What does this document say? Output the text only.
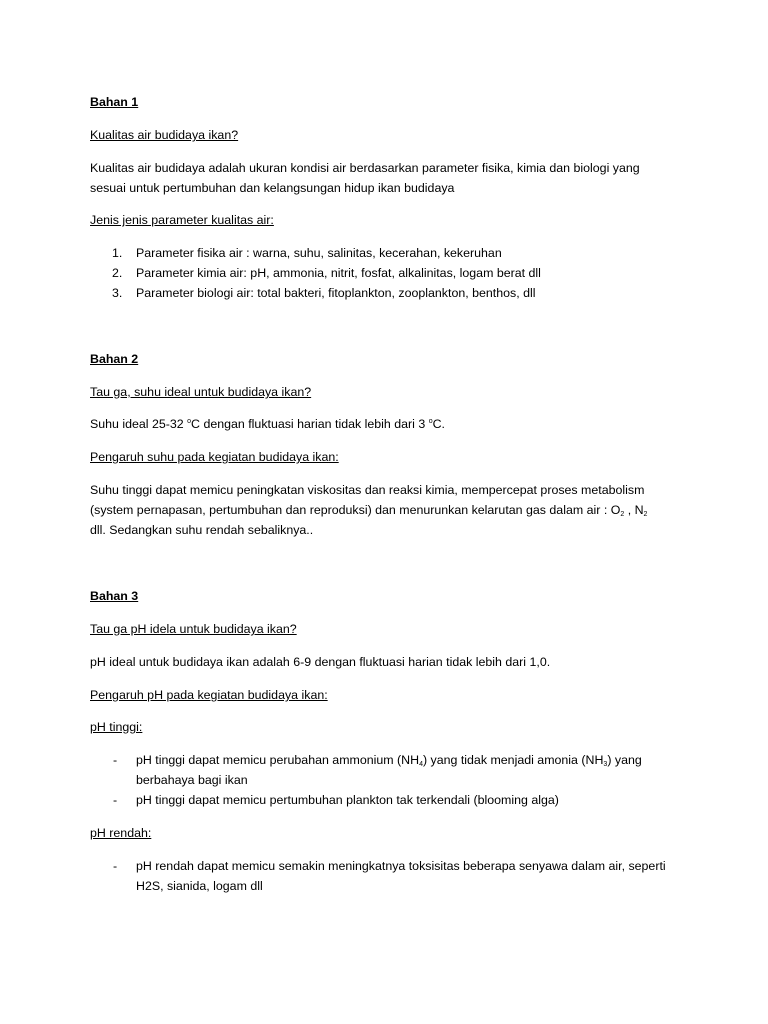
Bahan 1
Kualitas air budidaya ikan?
Kualitas air budidaya adalah ukuran kondisi air berdasarkan parameter fisika, kimia dan biologi yang
sesuai untuk pertumbuhan dan kelangsungan hidup ikan budidaya
Jenis jenis parameter kualitas air:
1. Parameter fisika air : warna, suhu, salinitas, kecerahan, kekeruhan
2. Parameter kimia air: pH, ammonia, nitrit, fosfat, alkalinitas, logam berat dll
3. Parameter biologi air: total bakteri, fitoplankton, zooplankton, benthos, dll
Bahan 2
Tau ga, suhu ideal untuk budidaya ikan?
Suhu ideal 25-32 $^o$C dengan fluktuasi harian tidak lebih dari 3 $^o$C.
Pengaruh suhu pada kegiatan budidaya ikan:
Suhu tinggi dapat memicu peningkatan viskositas dan reaksi kimia, mempercepat proses metabolism
(system pernapasan, pertumbuhan dan reproduksi) dan menurunkan kelarutan gas dalam air : $O_2$ , $N_2$
dll. Sedangkan suhu rendah sebaliknya..
Bahan 3
Tau ga pH idela untuk budidaya ikan?
pH ideal untuk budidaya ikan adalah 6-9 dengan fluktuasi harian tidak lebih dari 1,0.
Pengaruh pH pada kegiatan budidaya ikan:
pH tinggi:
- pH tinggi dapat memicu perubahan ammonium $(NH_4)$ yang tidak menjadi amonia $(NH_3)$ yang
berbahaya bagi ikan
- pH tinggi dapat memicu pertumbuhan plankton tak terkendali (blooming alga)
pH rendah:
- pH rendah dapat memicu semakin meningkatnya toksisitas beberapa senyawa dalam air, seperti
H2S, sianida, logam dll
